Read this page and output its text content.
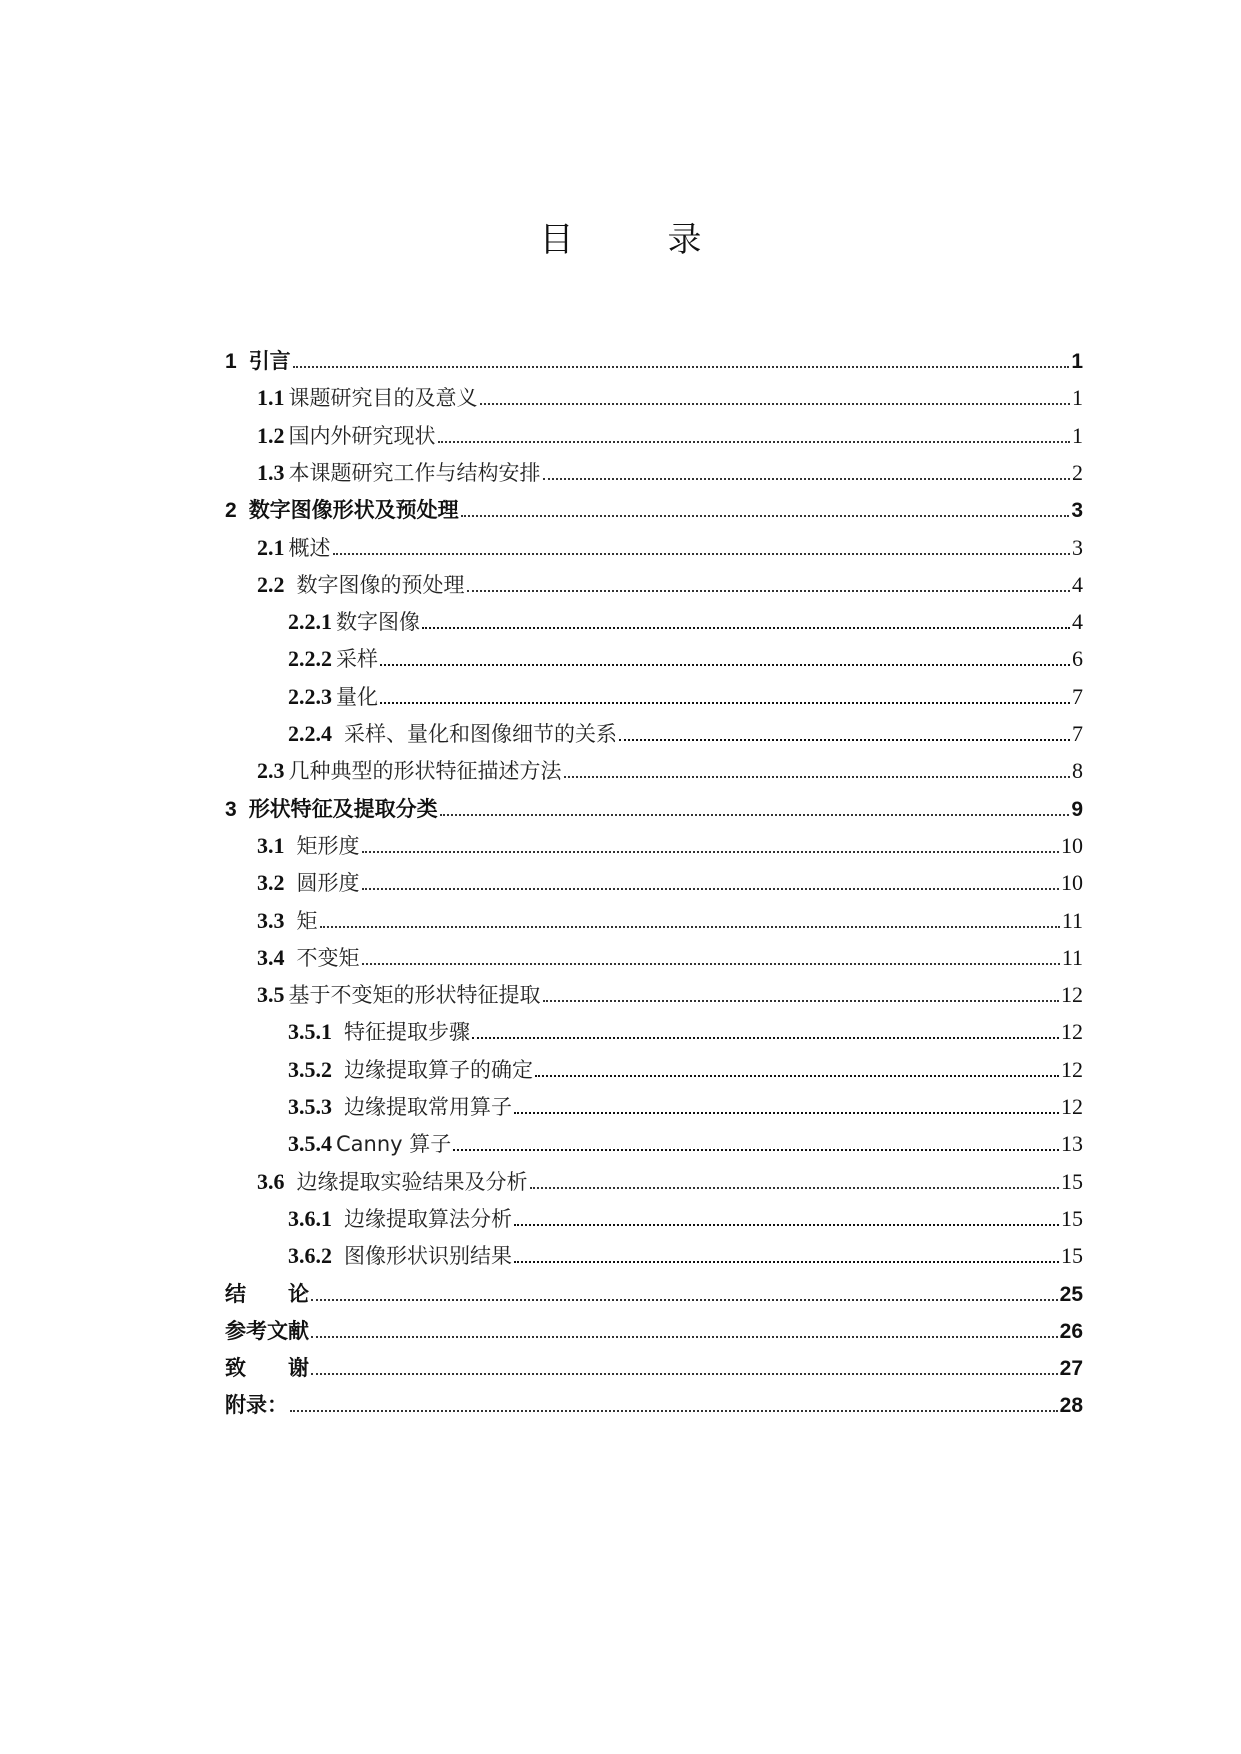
目　录
1 引言	1
1.1 课题研究目的及意义	1
1.2 国内外研究现状	1
1.3 本课题研究工作与结构安排	2
2 数字图像形状及预处理	3
2.1 概述	3
2.2 数字图像的预处理	4
2.2.1 数字图像	4
2.2.2 采样	6
2.2.3 量化	7
2.2.4 采样、量化和图像细节的关系	7
2.3 几种典型的形状特征描述方法	8
3 形状特征及提取分类	9
3.1 矩形度	10
3.2 圆形度	10
3.3 矩	11
3.4 不变矩	11
3.5 基于不变矩的形状特征提取	12
3.5.1 特征提取步骤	12
3.5.2 边缘提取算子的确定	12
3.5.3 边缘提取常用算子	12
3.5.4 Canny 算子	13
3.6 边缘提取实验结果及分析	15
3.6.1 边缘提取算法分析	15
3.6.2 图像形状识别结果	15
结　　论	25
参考文献	26
致　　谢	27
附录：	28
